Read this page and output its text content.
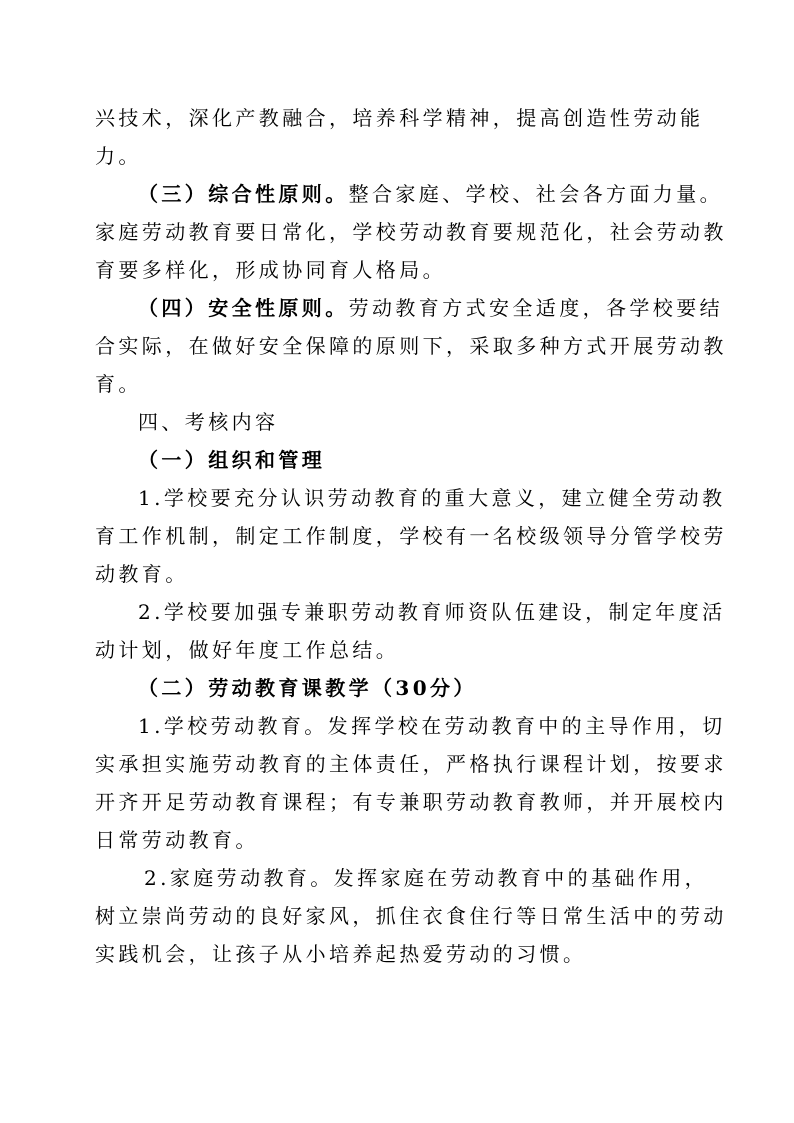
兴技术，深化产教融合，培养科学精神，提高创造性劳动能
力。
（三）综合性原则。整合家庭、学校、社会各方面力量。
家庭劳动教育要日常化，学校劳动教育要规范化，社会劳动教
育要多样化，形成协同育人格局。
（四）安全性原则。劳动教育方式安全适度，各学校要结
合实际，在做好安全保障的原则下，采取多种方式开展劳动教
育。
四、考核内容
（一）组织和管理
1.学校要充分认识劳动教育的重大意义，建立健全劳动教
育工作机制，制定工作制度，学校有一名校级领导分管学校劳
动教育。
2.学校要加强专兼职劳动教育师资队伍建设，制定年度活
动计划，做好年度工作总结。
（二）劳动教育课教学（30分）
1.学校劳动教育。发挥学校在劳动教育中的主导作用，切
实承担实施劳动教育的主体责任，严格执行课程计划，按要求
开齐开足劳动教育课程；有专兼职劳动教育教师，并开展校内
日常劳动教育。
2.家庭劳动教育。发挥家庭在劳动教育中的基础作用，
树立崇尚劳动的良好家风，抓住衣食住行等日常生活中的劳动
实践机会，让孩子从小培养起热爱劳动的习惯。
